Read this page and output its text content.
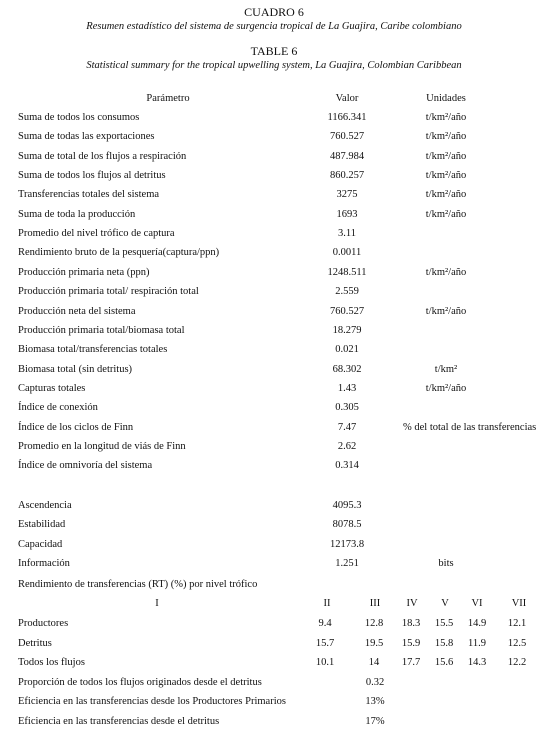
CUADRO 6
Resumen estadístico del sistema de surgencia tropical de La Guajira, Caribe colombiano
TABLE 6
Statistical summary for the tropical upwelling system, La Guajira, Colombian Caribbean
Parámetro	Valor	Unidades
Suma de todos los consumos	1166.341	t/km²/año
Suma de todas las exportaciones	760.527	t/km²/año
Suma de total de los flujos a respiración	487.984	t/km²/año
Suma de todos los flujos al detritus	860.257	t/km²/año
Transferencias totales del sistema	3275	t/km²/año
Suma de toda la producción	1693	t/km²/año
Promedio del nivel trófico de captura	3.11
Rendimiento bruto de la pesquería(captura/ppn)	0.0011
Producción primaria neta (ppn)	1248.511	t/km²/año
Producción primaria total/ respiración total	2.559
Producción neta del sistema	760.527	t/km²/año
Producción primaria total/biomasa total	18.279
Biomasa total/transferencias totales	0.021
Biomasa total (sin detritus)	68.302	t/km²
Capturas totales	1.43	t/km²/año
Índice de conexión	0.305
Índice de los ciclos de Finn	7.47	% del total de las transferencias
Promedio en la longitud de viás de Finn	2.62
Índice de omnivoría del sistema	0.314
Ascendencia	4095.3
Estabilidad	8078.5
Capacidad	12173.8
Información	1.251	bits
Rendimiento de transferencias (RT) (%) por nivel trófico
I	II	III IV V VI	VII
Productores	9.4	12.8 18.3 15.5 14.9 12.1
Detritus	15.7	19.5 15.9 15.8 11.9 12.5
Todos los flujos	10.1	14 17.7 15.6 14.3 12.2
Proporción de todos los flujos originados desde el detritus	0.32
Eficiencia en las transferencias desde los Productores Primarios	13%
Eficiencia en las transferencias desde el detritus	17%
